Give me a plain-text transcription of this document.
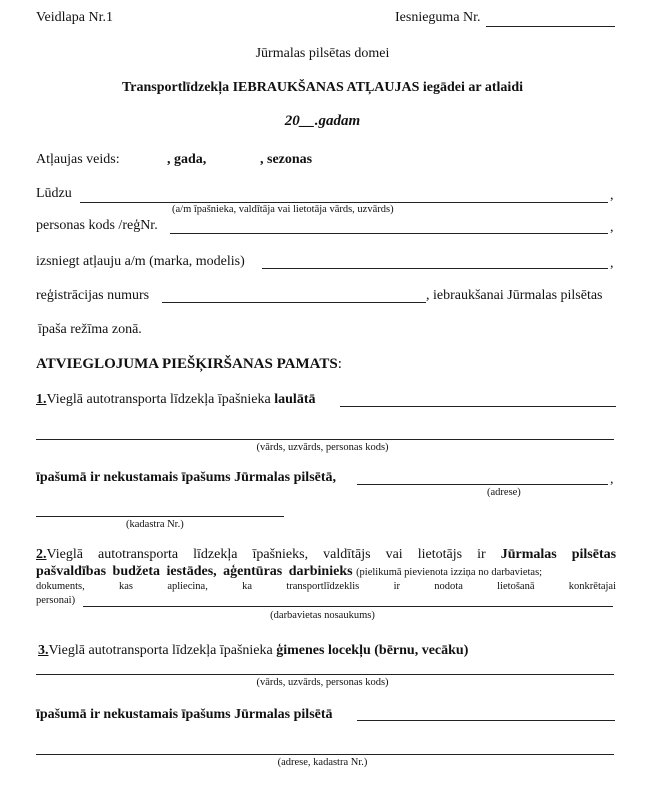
Veidlapa Nr.1	Iesnieguma Nr.
Jūrmalas pilsētas domei
Transportlīdzekļa IEBRAUKŠANAS ATĻAUJAS iegādei ar atlaidi
20__.gadam
Atļaujas veids:	, gada,	, sezonas
Lūdzu	,
(a/m īpašnieka, valdītāja vai lietotāja vārds, uzvārds)
personas kods /reģNr.	,
izsniegt atļauju a/m (marka, modelis)	,
reģistrācijas numurs	, iebraukšanai Jūrmalas pilsētas
īpaša režīma zonā.
ATVIEGLOJUMA PIEŠĶIRŠANAS PAMATS:
1.Vieglā autotransporta līdzekļa īpašnieka laulātā
(vārds, uzvārds, personas kods)
īpašumā ir nekustamais īpašums Jūrmalas pilsētā,	,
(adrese)
(kadastra Nr.)
2.Vieglā autotransporta līdzekļa īpašnieks, valdītājs vai lietotājs ir Jūrmalas pilsētas
pašvaldības budžeta iestādes, aģentūras darbinieks (pielikumā pievienota izziņa no darbavietas;
dokuments,	kas	apliecina,	ka	transportlīdzeklis	ir	nodota	lietošanā	konkrētajai
personai)
(darbavietas nosaukums)
3.Vieglā autotransporta līdzekļa īpašnieka ģimenes locekļu (bērnu, vecāku)
(vārds, uzvārds, personas kods)
īpašumā ir nekustamais īpašums Jūrmalas pilsētā
(adrese, kadastra Nr.)
